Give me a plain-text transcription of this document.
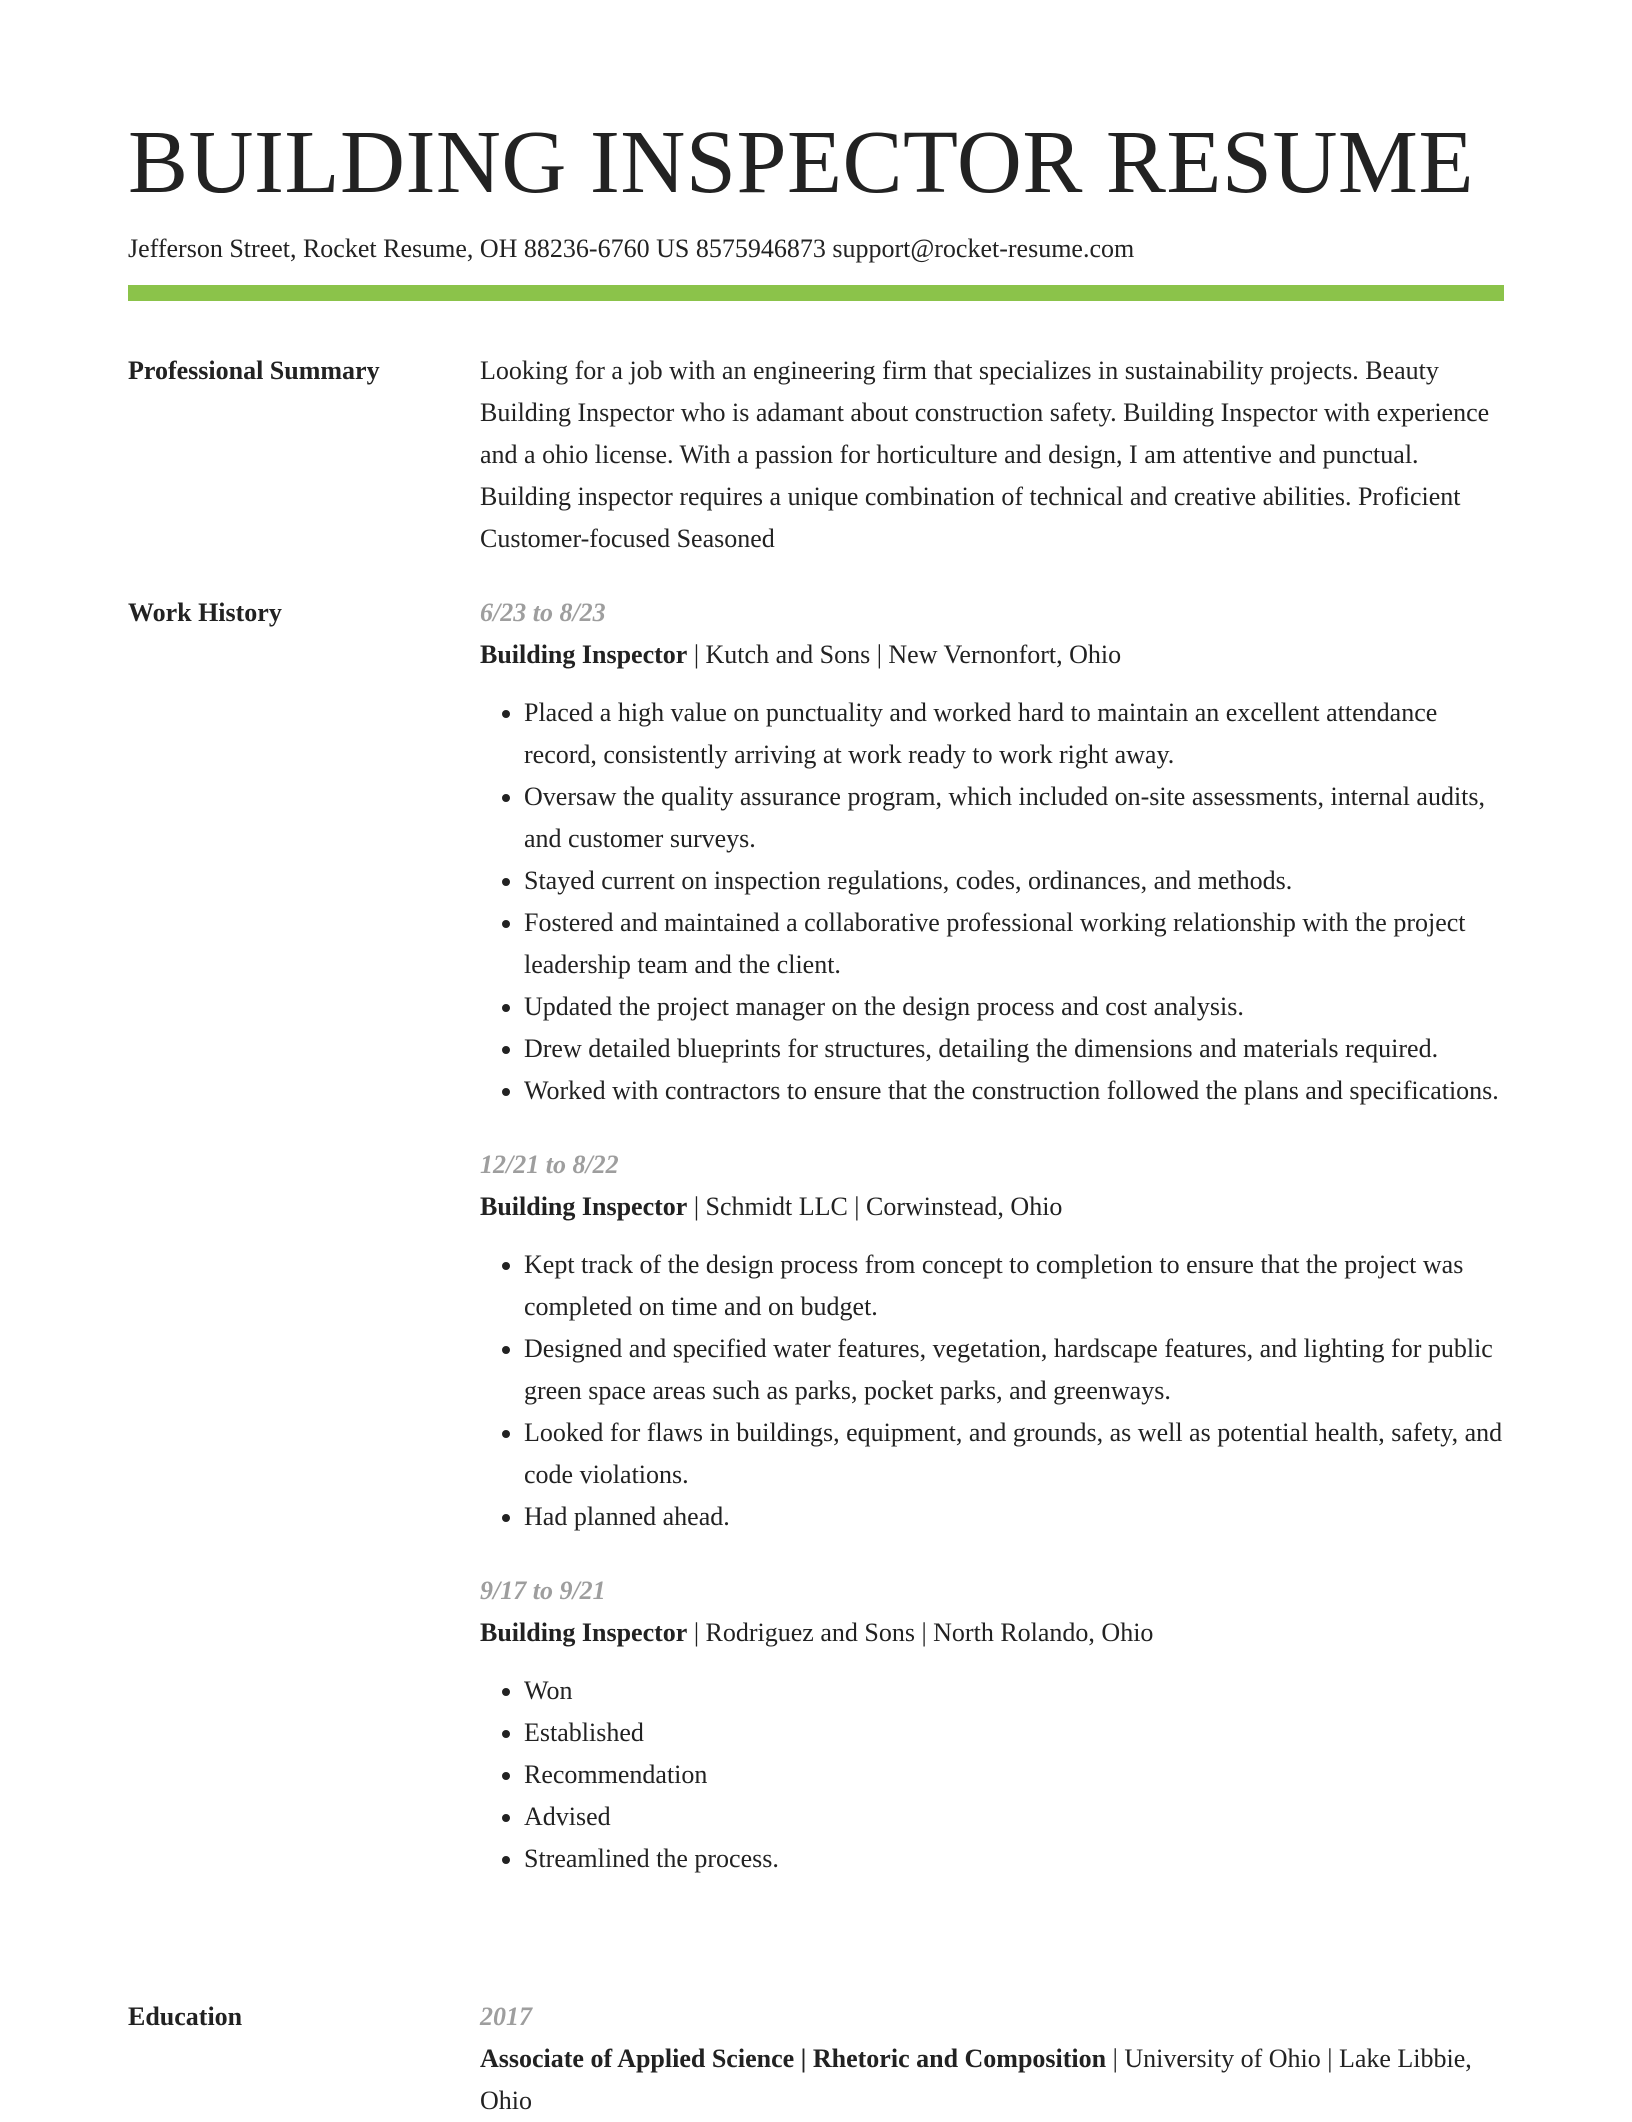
BUILDING INSPECTOR RESUME
Jefferson Street, Rocket Resume, OH 88236-6760 US 8575946873 support@rocket-resume.com
Professional Summary	Looking for a job with an engineering firm that specializes in sustainability projects. Beauty Building Inspector who is adamant about construction safety. Building Inspector with experience and a ohio license. With a passion for horticulture and design, I am attentive and punctual. Building inspector requires a unique combination of technical and creative abilities. Proficient Customer-focused Seasoned

Work History	6/23 to 8/23
Building Inspector | Kutch and Sons | New Vernonfort, Ohio
• Placed a high value on punctuality and worked hard to maintain an excellent attendance record, consistently arriving at work ready to work right away.
• Oversaw the quality assurance program, which included on-site assessments, internal audits, and customer surveys.
• Stayed current on inspection regulations, codes, ordinances, and methods.
• Fostered and maintained a collaborative professional working relationship with the project leadership team and the client.
• Updated the project manager on the design process and cost analysis.
• Drew detailed blueprints for structures, detailing the dimensions and materials required.
• Worked with contractors to ensure that the construction followed the plans and specifications.
12/21 to 8/22
Building Inspector | Schmidt LLC | Corwinstead, Ohio
• Kept track of the design process from concept to completion to ensure that the project was completed on time and on budget.
• Designed and specified water features, vegetation, hardscape features, and lighting for public green space areas such as parks, pocket parks, and greenways.
• Looked for flaws in buildings, equipment, and grounds, as well as potential health, safety, and code violations.
• Had planned ahead.
9/17 to 9/21
Building Inspector | Rodriguez and Sons | North Rolando, Ohio
• Won
• Established
• Recommendation
• Advised
• Streamlined the process.
Education	2017
Associate of Applied Science | Rhetoric and Composition | University of Ohio | Lake Libbie, Ohio
